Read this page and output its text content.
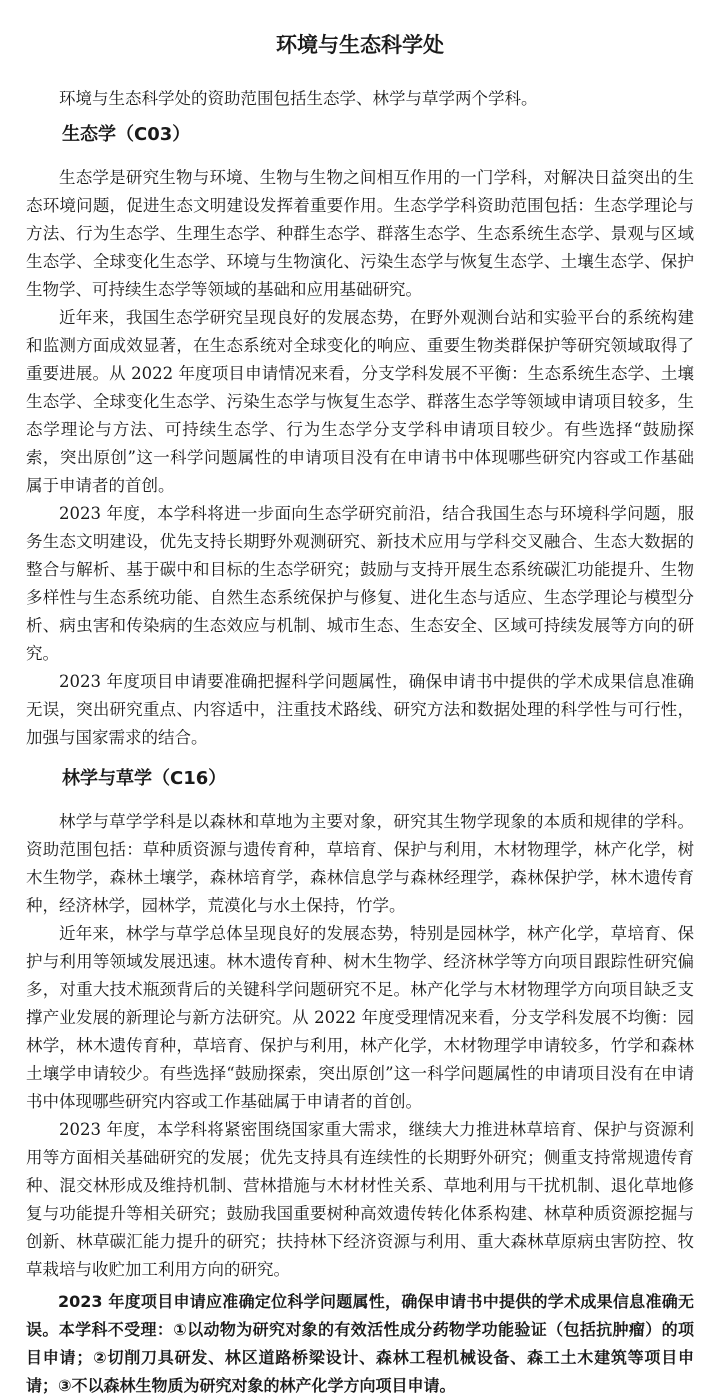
环境与生态科学处

环境与生态科学处的资助范围包括生态学、林学与草学两个学科。

生态学（C03）

生态学是研究生物与环境、生物与生物之间相互作用的一门学科，对解决日益突出的生态环境问题，促进生态文明建设发挥着重要作用。生态学学科资助范围包括：生态学理论与方法、行为生态学、生理生态学、种群生态学、群落生态学、生态系统生态学、景观与区域生态学、全球变化生态学、环境与生物演化、污染生态学与恢复生态学、土壤生态学、保护生物学、可持续生态学等领域的基础和应用基础研究。

近年来，我国生态学研究呈现良好的发展态势，在野外观测台站和实验平台的系统构建和监测方面成效显著，在生态系统对全球变化的响应、重要生物类群保护等研究领域取得了重要进展。从 2022 年度项目申请情况来看，分支学科发展不平衡：生态系统生态学、土壤生态学、全球变化生态学、污染生态学与恢复生态学、群落生态学等领域申请项目较多，生态学理论与方法、可持续生态学、行为生态学分支学科申请项目较少。有些选择“鼓励探索，突出原创”这一科学问题属性的申请项目没有在申请书中体现哪些研究内容或工作基础属于申请者的首创。

2023 年度，本学科将进一步面向生态学研究前沿，结合我国生态与环境科学问题，服务生态文明建设，优先支持长期野外观测研究、新技术应用与学科交叉融合、生态大数据的整合与解析、基于碳中和目标的生态学研究；鼓励与支持开展生态系统碳汇功能提升、生物多样性与生态系统功能、自然生态系统保护与修复、进化生态与适应、生态学理论与模型分析、病虫害和传染病的生态效应与机制、城市生态、生态安全、区域可持续发展等方向的研究。

2023 年度项目申请要准确把握科学问题属性，确保申请书中提供的学术成果信息准确无误，突出研究重点、内容适中，注重技术路线、研究方法和数据处理的科学性与可行性，加强与国家需求的结合。

林学与草学（C16）

林学与草学学科是以森林和草地为主要对象，研究其生物学现象的本质和规律的学科。资助范围包括：草种质资源与遗传育种，草培育、保护与利用，木材物理学，林产化学，树木生物学，森林土壤学，森林培育学，森林信息学与森林经理学，森林保护学，林木遗传育种，经济林学，园林学，荒漠化与水土保持，竹学。

近年来，林学与草学总体呈现良好的发展态势，特别是园林学，林产化学，草培育、保护与利用等领域发展迅速。林木遗传育种、树木生物学、经济林学等方向项目跟踪性研究偏多，对重大技术瓶颈背后的关键科学问题研究不足。林产化学与木材物理学方向项目缺乏支撑产业发展的新理论与新方法研究。从 2022 年度受理情况来看，分支学科发展不均衡：园林学，林木遗传育种，草培育、保护与利用，林产化学，木材物理学申请较多，竹学和森林土壤学申请较少。有些选择“鼓励探索，突出原创”这一科学问题属性的申请项目没有在申请书中体现哪些研究内容或工作基础属于申请者的首创。

2023 年度，本学科将紧密围绕国家重大需求，继续大力推进林草培育、保护与资源利用等方面相关基础研究的发展；优先支持具有连续性的长期野外研究；侧重支持常规遗传育种、混交林形成及维持机制、营林措施与木材材性关系、草地利用与干扰机制、退化草地修复与功能提升等相关研究；鼓励我国重要树种高效遗传转化体系构建、林草种质资源挖掘与创新、林草碳汇能力提升的研究；扶持林下经济资源与利用、重大森林草原病虫害防控、牧草栽培与收贮加工利用方向的研究。

2023 年度项目申请应准确定位科学问题属性，确保申请书中提供的学术成果信息准确无误。本学科不受理：①以动物为研究对象的有效活性成分药物学功能验证（包括抗肿瘤）的项目申请；②切削刀具研发、林区道路桥梁设计、森林工程机械设备、森工土木建筑等项目申请；③不以森林生物质为研究对象的林产化学方向项目申请。
